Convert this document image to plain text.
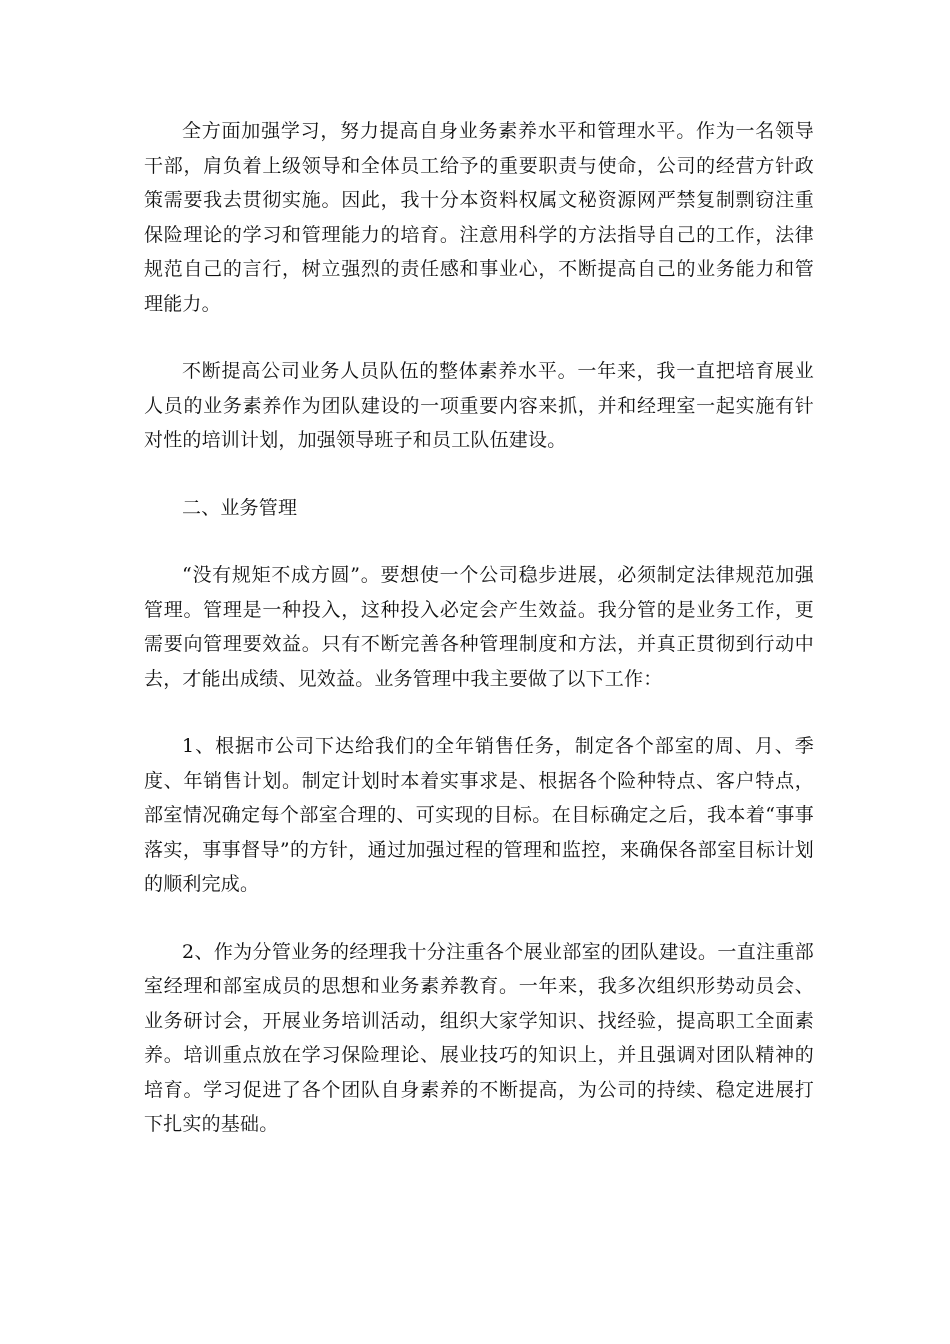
全方面加强学习，努力提高自身业务素养水平和管理水平。作为一名领导干部，肩负着上级领导和全体员工给予的重要职责与使命，公司的经营方针政策需要我去贯彻实施。因此，我十分本资料权属文秘资源网严禁复制剽窃注重保险理论的学习和管理能力的培育。注意用科学的方法指导自己的工作，法律规范自己的言行，树立强烈的责任感和事业心，不断提高自己的业务能力和管理能力。

不断提高公司业务人员队伍的整体素养水平。一年来，我一直把培育展业人员的业务素养作为团队建设的一项重要内容来抓，并和经理室一起实施有针对性的培训计划，加强领导班子和员工队伍建设。

二、业务管理

“没有规矩不成方圆”。要想使一个公司稳步进展，必须制定法律规范加强管理。管理是一种投入，这种投入必定会产生效益。我分管的是业务工作，更需要向管理要效益。只有不断完善各种管理制度和方法，并真正贯彻到行动中去，才能出成绩、见效益。业务管理中我主要做了以下工作：

1、根据市公司下达给我们的全年销售任务，制定各个部室的周、月、季度、年销售计划。制定计划时本着实事求是、根据各个险种特点、客户特点，部室情况确定每个部室合理的、可实现的目标。在目标确定之后，我本着“事事落实，事事督导”的方针，通过加强过程的管理和监控，来确保各部室目标计划的顺利完成。

2、作为分管业务的经理我十分注重各个展业部室的团队建设。一直注重部室经理和部室成员的思想和业务素养教育。一年来，我多次组织形势动员会、业务研讨会，开展业务培训活动，组织大家学知识、找经验，提高职工全面素养。培训重点放在学习保险理论、展业技巧的知识上，并且强调对团队精神的培育。学习促进了各个团队自身素养的不断提高，为公司的持续、稳定进展打下扎实的基础。
